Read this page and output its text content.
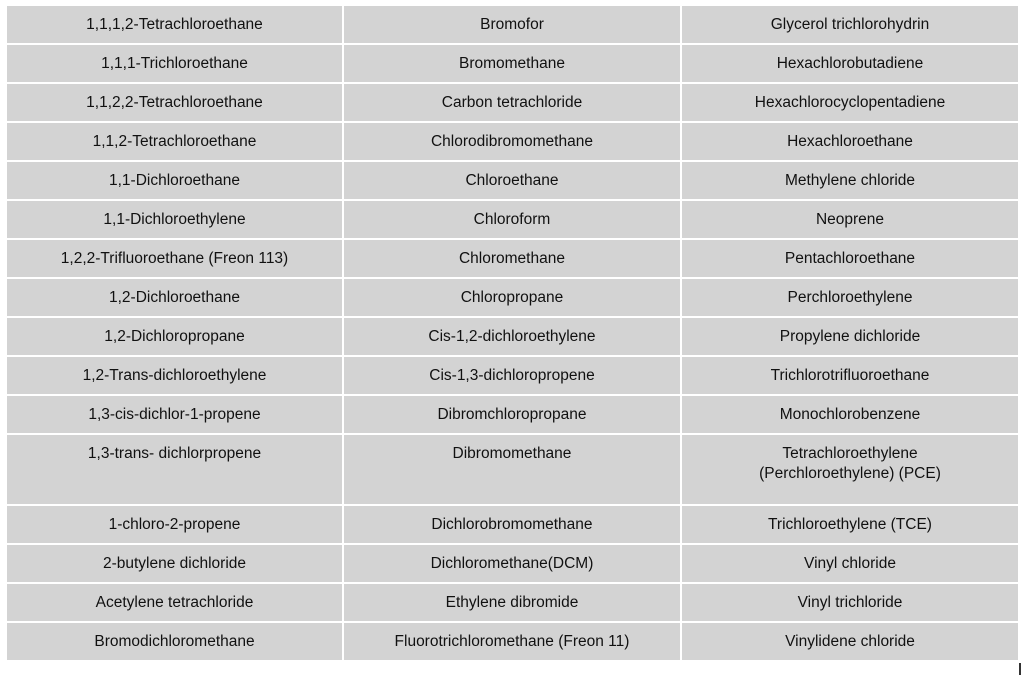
1,1,1,2-Tetrachloroethane	Bromofor	Glycerol trichlorohydrin
1,1,1-Trichloroethane	Bromomethane	Hexachlorobutadiene
1,1,2,2-Tetrachloroethane	Carbon tetrachloride	Hexachlorocyclopentadiene
1,1,2-Tetrachloroethane	Chlorodibromomethane	Hexachloroethane
1,1-Dichloroethane	Chloroethane	Methylene chloride
1,1-Dichloroethylene	Chloroform	Neoprene
1,2,2-Trifluoroethane (Freon 113)	Chloromethane	Pentachloroethane
1,2-Dichloroethane	Chloropropane	Perchloroethylene
1,2-Dichloropropane	Cis-1,2-dichloroethylene	Propylene dichloride
1,2-Trans-dichloroethylene	Cis-1,3-dichloropropene	Trichlorotrifluoroethane
1,3-cis-dichlor-1-propene	Dibromchloropropane	Monochlorobenzene
1,3-trans- dichlorpropene	Dibromomethane	Tetrachloroethylene (Perchloroethylene) (PCE)
1-chloro-2-propene	Dichlorobromomethane	Trichloroethylene (TCE)
2-butylene dichloride	Dichloromethane(DCM)	Vinyl chloride
Acetylene tetrachloride	Ethylene dibromide	Vinyl trichloride
Bromodichloromethane	Fluorotrichloromethane (Freon 11)	Vinylidene chloride
